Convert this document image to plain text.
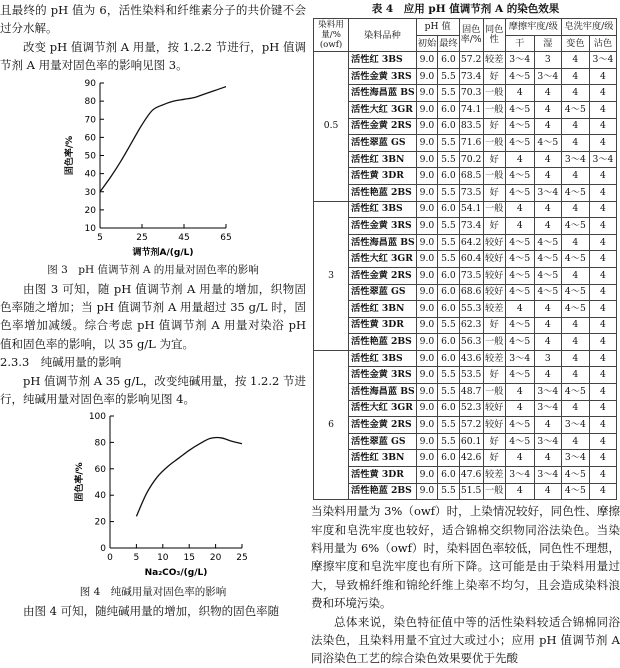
且最终的 pH 值为 6，活性染料和纤维素分子的共价键不会过分水解。

改变 pH 值调节剂 A 用量，按 1.2.2 节进行，pH 值调节剂 A 用量对固色率的影响见图 3。

10
20
30
40
50
60
70
80
90
5	25	45	65
调节剂A/(g/L)
固色率/%

图 3　pH 值调节剂 A 的用量对固色率的影响

由图 3 可知，随 pH 值调节剂 A 用量的增加，织物固色率随之增加；当 pH 值调节剂 A 用量超过 35 g/L 时，固色率增加减缓。综合考虑 pH 值调节剂 A 用量对染浴 pH 值和固色率的影响，以 35 g/L 为宜。

2.3.3　纯碱用量的影响

pH 值调节剂 A 35 g/L，改变纯碱用量，按 1.2.2 节进行，纯碱用量对固色率的影响见图 4。

0
20
40
60
80
100
0 5 10 15 20 25
Na₂CO₃/(g/L)
固色率/%

图 4　纯碱用量对固色率的影响

由图 4 可知，随纯碱用量的增加，织物的固色率随

表 4　应用 pH 值调节剂 A 的染色效果

染料用量/%(owf)	染料品种	pH 值		固色率/%	同色性	摩擦牢度/级		皂洗牢度/级	
		初始	最终			干	湿	变色	沾色
0.5	活性红 3BS	9.0	6.0	57.2	较差	3～4	3	4	3～4
	活性金黄 3RS	9.0	5.5	73.4	好	4～5	3～4	4	4
	活性海昌蓝 BS	9.0	5.5	70.3	一般	4	4	4	4
	活性大红 3GR	9.0	6.0	74.1	一般	4～5	4	4～5	4
	活性金黄 2RS	9.0	6.0	83.5	好	4～5	4	4	4
	活性翠蓝 GS	9.0	5.5	71.6	一般	4～5	4～5	4	4
	活性红 3BN	9.0	5.5	70.2	好	4	4	3～4	3～4
	活性黄 3DR	9.0	6.0	68.5	一般	4～5	4	4	4
	活性艳蓝 2BS	9.0	5.5	73.5	好	4～5	3～4	4～5	4
3	活性红 3BS	9.0	6.0	54.1	一般	4	4	4	4
	活性金黄 3RS	9.0	5.5	73.4	好	4	4	4～5	4
	活性海昌蓝 BS	9.0	5.5	64.2	较好	4～5	4～5	4	4
	活性大红 3GR	9.0	5.5	60.4	较好	4～5	4～5	4～5	4
	活性金黄 2RS	9.0	6.0	73.5	较好	4～5	4～5	4	4
	活性翠蓝 GS	9.0	6.0	68.6	较好	4～5	4～5	4～5	4
	活性红 3BN	9.0	6.0	55.3	较差	4	4	4～5	4
	活性黄 3DR	9.0	5.5	62.3	好	4～5	4	4	4
	活性艳蓝 2BS	9.0	6.0	56.3	一般	4～5	4	4	4
6	活性红 3BS	9.0	6.0	43.6	较差	3～4	3	4	4
	活性金黄 3RS	9.0	5.5	53.5	好	4～5	4	4	4
	活性海昌蓝 BS	9.0	5.5	48.7	一般	4	3～4	4～5	4
	活性大红 3GR	9.0	6.0	52.3	较好	4	3～4	4	4
	活性金黄 2RS	9.0	5.5	57.2	较好	4～5	4	3～4	4
	活性翠蓝 GS	9.0	5.5	60.1	好	4～5	3～4	4	4
	活性红 3BN	9.0	6.0	42.6	好	4	4	3～4	4
	活性黄 3DR	9.0	6.0	47.6	较差	3～4	3～4	4～5	4
	活性艳蓝 2BS	9.0	5.5	51.5	一般	4	4	4～5	4

当染料用量为 3%（owf）时，上染情况较好，同色性、摩擦牢度和皂洗牢度也较好，适合锦棉交织物同浴法染色。当染料用量为 6%（owf）时，染料固色率较低，同色性不理想，摩擦牢度和皂洗牢度也有所下降。这可能是由于染料用量过大，导致棉纤维和锦纶纤维上染率不均匀，且会造成染料浪费和环境污染。

总体来说，染色特征值中等的活性染料较适合锦棉同浴法染色，且染料用量不宜过大或过小；应用 pH 值调节剂 A 同浴染色工艺的综合染色效果要优于先酸
